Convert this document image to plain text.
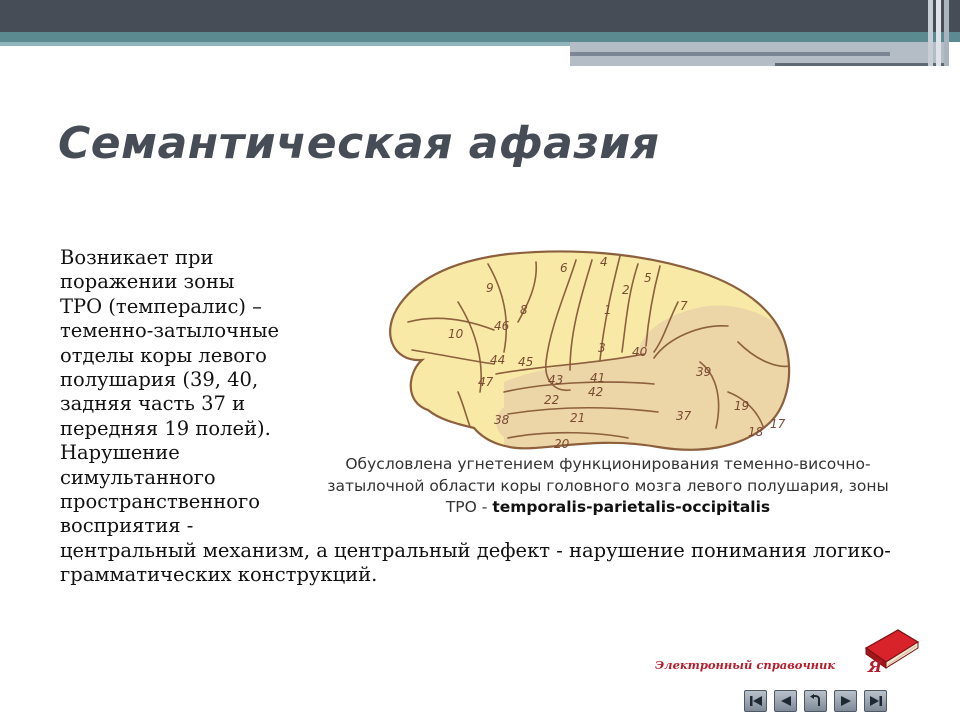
Семантическая афазия
9
6	4
3
2
1
5
7
8
10
46
44 45
40
39
43 41
42
47
22
21	37
38
20
19
18
17
Обусловлена угнетением функционирования теменно-височно-затылочной области коры головного мозга левого полушария, зоны ТРО - temporalis-parietalis-occipitalis
Возникает при поражении зоны ТРО (темпералис) – теменно-затылочные отделы коры левого полушария (39, 40, задняя часть 37 и передняя 19 полей). Нарушение симультанного пространственного восприятия - центральный механизм, а центральный дефект - нарушение понимания логико-грамматических конструкций.
Электронный справочник Я
